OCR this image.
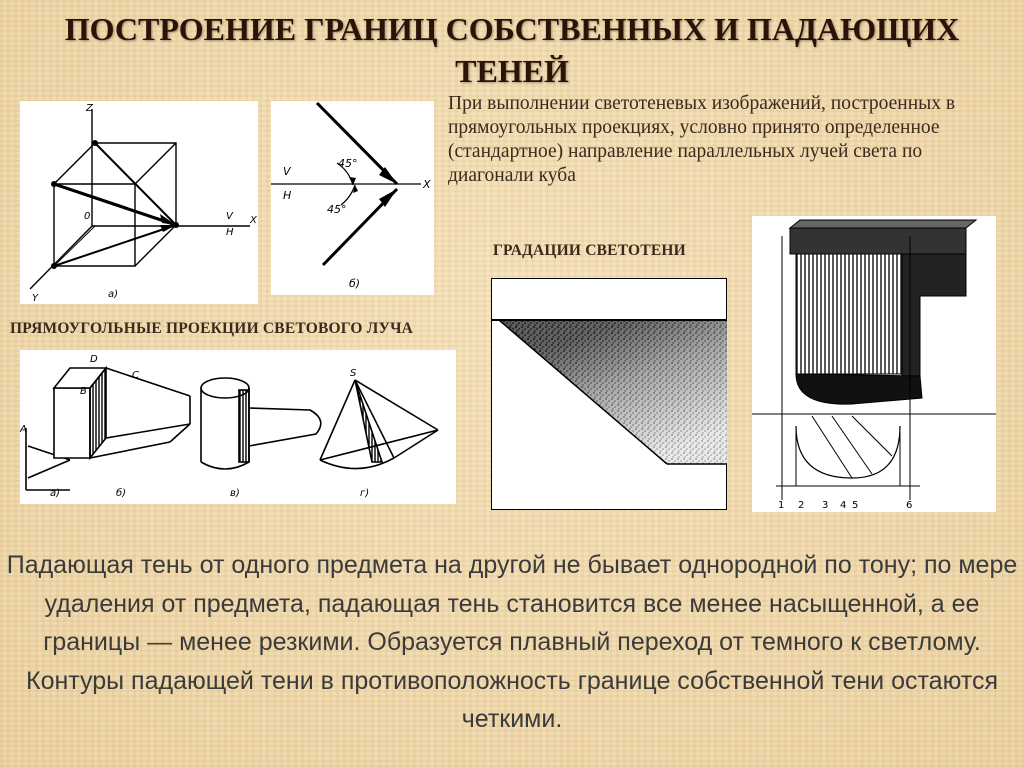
ПОСТРОЕНИЕ ГРАНИЦ СОБСТВЕННЫХ И ПАДАЮЩИХ
ТЕНЕЙ
Z
0
Y
X
V
H
а)
V
H
X
45°
45°
б)
При выполнении светотеневых изображений, построенных в прямоугольных проекциях, условно принято определенное (стандартное) направление параллельных лучей света по диагонали куба
ГРАДАЦИИ СВЕТОТЕНИ
ПРЯМОУГОЛЬНЫЕ ПРОЕКЦИИ СВЕТОВОГО ЛУЧА
А
D
C
B
S
а)	б)	в)	г)
1 2 3 4 5	6
Падающая тень от одного предмета на другой не бывает однородной по тону; по мере удаления от предмета, падающая тень становится все менее насыщенной, а ее границы — менее резкими. Образуется плавный переход от темного к светлому. Контуры падающей тени в противоположность границе собственной тени остаются четкими.
